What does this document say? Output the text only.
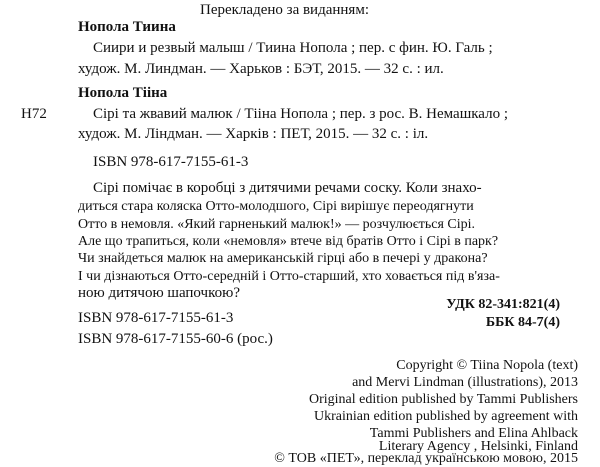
Перекладено за виданням:
Нопола Тиина
Сиири и резвый малыш / Тиина Нопола ; пер. с фин. Ю. Галь ;
худож. М. Линдман. — Харьков : БЭТ, 2015. — 32 с. : ил.
Н72
Нопола Тііна
Сірі та жвавий малюк / Тііна Нопола ; пер. з рос. В. Немашкало ;
худож. М. Ліндман. — Харків : ПЕТ, 2015. — 32 с. : іл.
ISBN 978-617-7155-61-3
Сірі помічає в коробці з дитячими речами соску. Коли знахо-
диться стара коляска Отто-молодшого, Сірі вирішує переодягнути
Отто в немовля. «Який гарненький малюк!» — розчулюється Сірі.
Але що трапиться, коли «немовля» втече від братів Отто і Сірі в парк?
Чи знайдеться малюк на американській гірці або в печері у дракона?
І чи дізнаються Отто-середній і Отто-старший, хто ховається під в'яза-
ною дитячою шапочкою?
УДК 82-341:821(4)
ББК 84-7(4)
ISBN 978-617-7155-61-3
ISBN 978-617-7155-60-6 (рос.)
Copyright © Tiina Nopola (text)
and Mervi Lindman (illustrations), 2013
Original edition published by Tammi Publishers
Ukrainian edition published by agreement with
Tammi Publishers and Elina Ahlback
Literary Agency , Helsinki, Finland
© ТОВ «ПЕТ», переклад українською мовою, 2015
